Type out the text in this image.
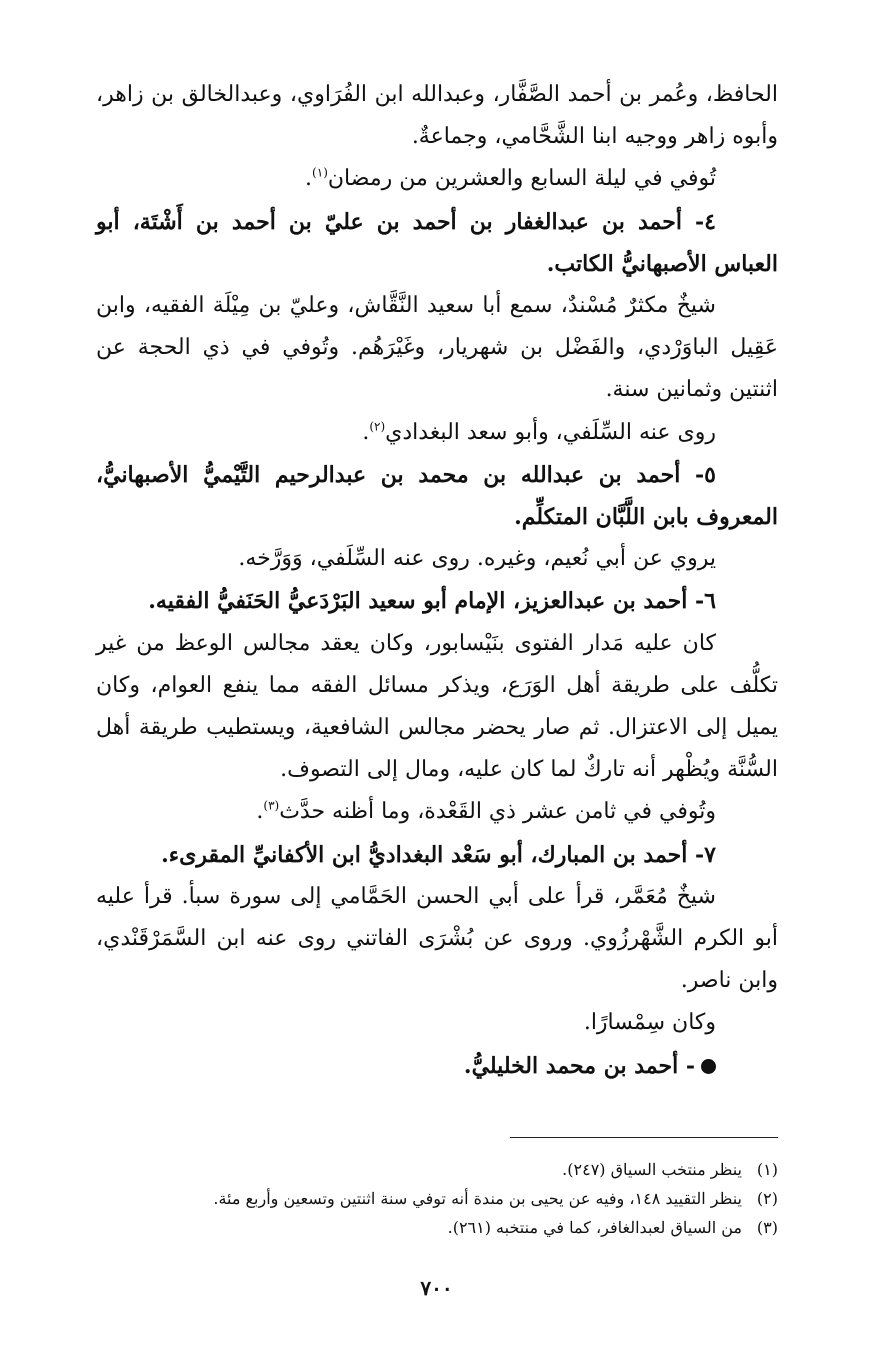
الحافظ، وعُمر بن أحمد الصَّفَّار، وعبدالله ابن الفُرَاوي، وعبدالخالق بن زاهر، وأبوه زاهر ووجيه ابنا الشَّحَّامي، وجماعةٌ.

تُوفي في ليلة السابع والعشرين من رمضان$^{(١)}$.

٤- أحمد بن عبدالغفار بن أحمد بن عليّ بن أحمد بن أَشْتَة، أبو العباس الأصبهانيُّ الكاتب.

شيخٌ مكثرٌ مُسْندٌ، سمع أبا سعيد النَّقَّاش، وعليّ بن مِيْلَة الفقيه، وابن عَقِيل الباوَرْدي، والفَضْل بن شهريار، وغَيْرَهُم. وتُوفي في ذي الحجة عن اثنتين وثمانين سنة.

روى عنه السِّلَفي، وأبو سعد البغدادي$^{(٢)}$.

٥- أحمد بن عبدالله بن محمد بن عبدالرحيم التَّيْميُّ الأصبهانيُّ، المعروف بابن اللَّبَّان المتكلِّم.

يروي عن أبي نُعيم، وغيره. روى عنه السِّلَفي، وَوَرَّخه.

٦- أحمد بن عبدالعزيز، الإمام أبو سعيد البَرْدَعيُّ الحَنَفيُّ الفقيه.

كان عليه مَدار الفتوى بنَيْسابور، وكان يعقد مجالس الوعظ من غير تكلُّف على طريقة أهل الوَرَع، ويذكر مسائل الفقه مما ينفع العوام، وكان يميل إلى الاعتزال. ثم صار يحضر مجالس الشافعية، ويستطيب طريقة أهل السُّنَّة ويُظْهر أنه تاركٌ لما كان عليه، ومال إلى التصوف.

وتُوفي في ثامن عشر ذي القَعْدة، وما أظنه حدَّث$^{(٣)}$.

٧- أحمد بن المبارك، أبو سَعْد البغداديُّ ابن الأكفانيِّ المقرىء.

شيخٌ مُعَمَّر، قرأ على أبي الحسن الحَمَّامي إلى سورة سبأ. قرأ عليه أبو الكرم الشَّهْرزُوي. وروى عن بُشْرَى الفاتني روى عنه ابن السَّمَرْقَنْدي، وابن ناصر.

وكان سِمْسارًا.

- أحمد بن محمد الخليليُّ.

(١)
ينظر منتخب السياق (٢٤٧).
(٢)
ينظر التقييد ١٤٨، وفيه عن يحيى بن مندة أنه توفي سنة اثنتين وتسعين وأربع مئة.
(٣)
من السياق لعبدالغافر، كما في منتخبه (٢٦١).
٧٠٠
